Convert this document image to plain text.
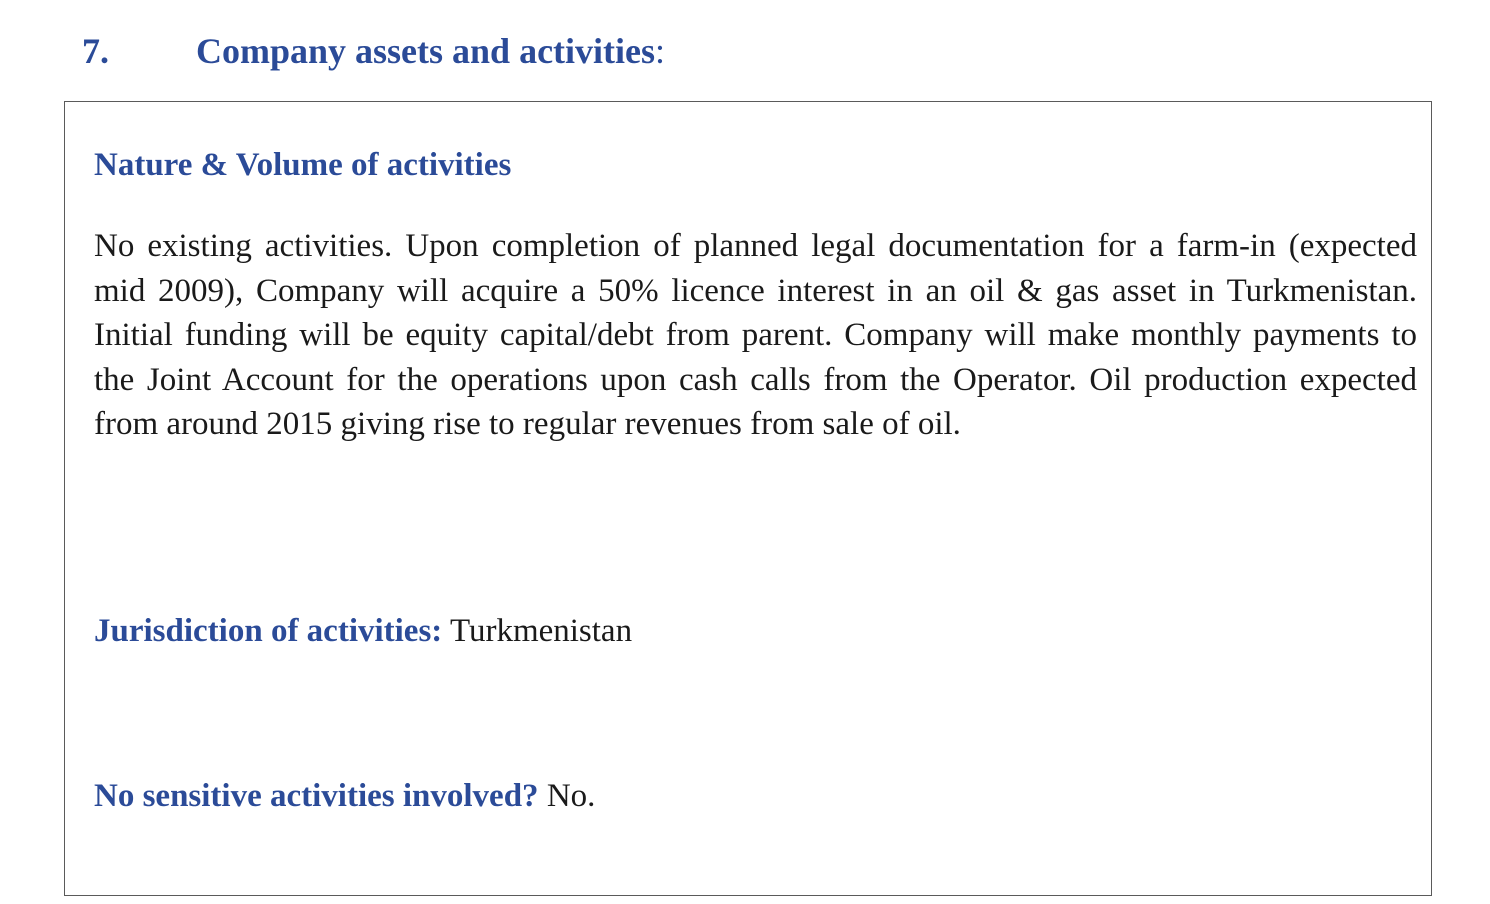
7. Company assets and activities:
Nature & Volume of activities

No existing activities. Upon completion of planned legal documentation for a farm-in (expected mid 2009), Company will acquire a 50% licence interest in an oil & gas asset in Turkmenistan. Initial funding will be equity capital/debt from parent. Company will make monthly payments to the Joint Account for the operations upon cash calls from the Operator. Oil production expected from around 2015 giving rise to regular revenues from sale of oil.

Jurisdiction of activities: Turkmenistan
No sensitive activities involved? No.
